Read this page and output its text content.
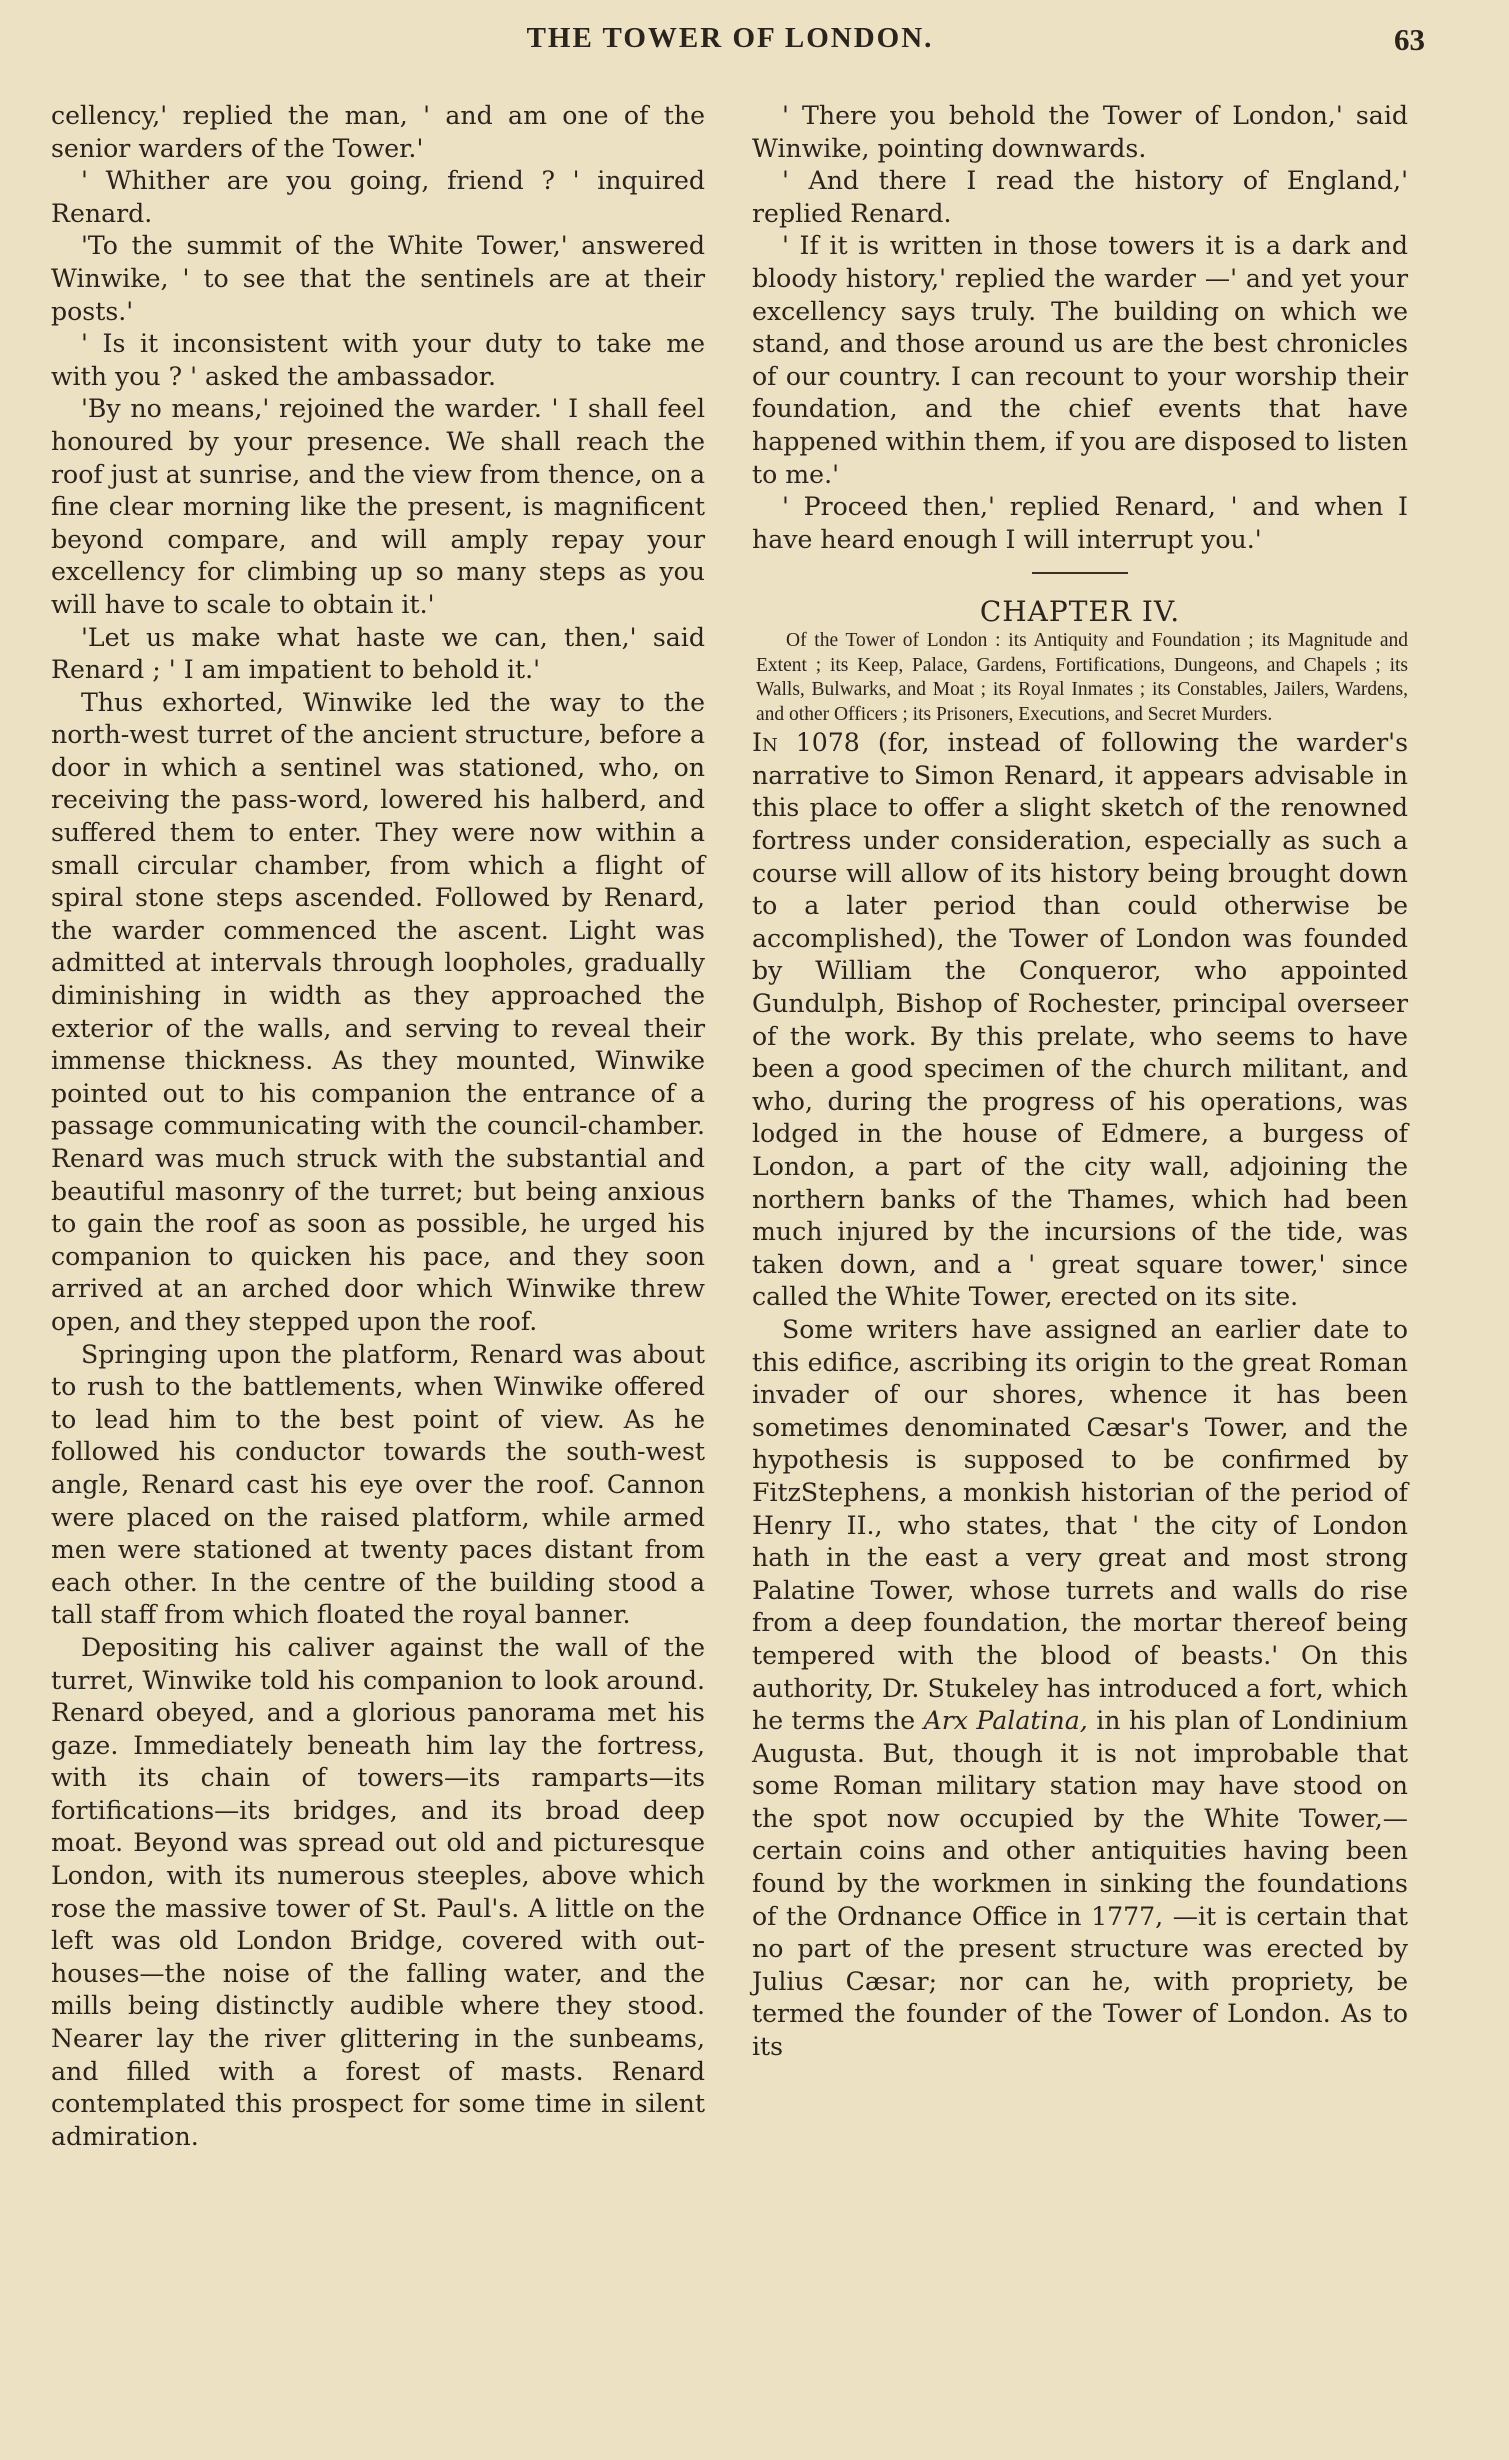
THE TOWER OF LONDON.	63

cellency,' replied the man, ' and am one of the senior warders of the Tower.'

' Whither are you going, friend ? ' inquired Renard.

'To the summit of the White Tower,' answered Winwike, ' to see that the sentinels are at their posts.'

' Is it inconsistent with your duty to take me with you ? ' asked the ambassador.

'By no means,' rejoined the warder. ' I shall feel honoured by your presence. We shall reach the roof just at sunrise, and the view from thence, on a fine clear morning like the present, is magnificent beyond compare, and will amply repay your excellency for climbing up so many steps as you will have to scale to obtain it.'

'Let us make what haste we can, then,' said Renard ; ' I am impatient to behold it.'

Thus exhorted, Winwike led the way to the north-west turret of the ancient structure, before a door in which a sentinel was stationed, who, on receiving the pass-word, lowered his halberd, and suffered them to enter. They were now within a small circular chamber, from which a flight of spiral stone steps ascended. Followed by Renard, the warder commenced the ascent. Light was admitted at intervals through loopholes, gradually diminishing in width as they approached the exterior of the walls, and serving to reveal their immense thickness. As they mounted, Winwike pointed out to his companion the entrance of a passage communicating with the council-chamber. Renard was much struck with the substantial and beautiful masonry of the turret; but being anxious to gain the roof as soon as possible, he urged his companion to quicken his pace, and they soon arrived at an arched door which Winwike threw open, and they stepped upon the roof.

Springing upon the platform, Renard was about to rush to the battlements, when Winwike offered to lead him to the best point of view. As he followed his conductor towards the south-west angle, Renard cast his eye over the roof. Cannon were placed on the raised platform, while armed men were stationed at twenty paces distant from each other. In the centre of the building stood a tall staff from which floated the royal banner.

Depositing his caliver against the wall of the turret, Winwike told his companion to look around. Renard obeyed, and a glorious panorama met his gaze. Immediately beneath him lay the fortress, with its chain of towers—its ramparts—its fortifications—its bridges, and its broad deep moat. Beyond was spread out old and picturesque London, with its numerous steeples, above which rose the massive tower of St. Paul's. A little on the left was old London Bridge, covered with out-houses—the noise of the falling water, and the mills being distinctly audible where they stood. Nearer lay the river glittering in the sunbeams, and filled with a forest of masts. Renard contemplated this prospect for some time in silent admiration.

' There you behold the Tower of London,' said Winwike, pointing downwards.

' And there I read the history of England,' replied Renard.

' If it is written in those towers it is a dark and bloody history,' replied the warder —' and yet your excellency says truly. The building on which we stand, and those around us are the best chronicles of our country. I can recount to your worship their foundation, and the chief events that have happened within them, if you are disposed to listen to me.'

' Proceed then,' replied Renard, ' and when I have heard enough I will interrupt you.'

CHAPTER IV.

Of the Tower of London : its Antiquity and Foundation ; its Magnitude and Extent ; its Keep, Palace, Gardens, Fortifications, Dungeons, and Chapels ; its Walls, Bulwarks, and Moat ; its Royal Inmates ; its Constables, Jailers, Wardens, and other Officers ; its Prisoners, Executions, and Secret Murders.

In 1078 (for, instead of following the warder's narrative to Simon Renard, it appears advisable in this place to offer a slight sketch of the renowned fortress under consideration, especially as such a course will allow of its history being brought down to a later period than could otherwise be accomplished), the Tower of London was founded by William the Conqueror, who appointed Gundulph, Bishop of Rochester, principal overseer of the work. By this prelate, who seems to have been a good specimen of the church militant, and who, during the progress of his operations, was lodged in the house of Edmere, a burgess of London, a part of the city wall, adjoining the northern banks of the Thames, which had been much injured by the incursions of the tide, was taken down, and a ' great square tower,' since called the White Tower, erected on its site.

Some writers have assigned an earlier date to this edifice, ascribing its origin to the great Roman invader of our shores, whence it has been sometimes denominated Cæsar's Tower, and the hypothesis is supposed to be confirmed by FitzStephens, a monkish historian of the period of Henry II., who states, that ' the city of London hath in the east a very great and most strong Palatine Tower, whose turrets and walls do rise from a deep foundation, the mortar thereof being tempered with the blood of beasts.' On this authority, Dr. Stukeley has introduced a fort, which he terms the Arx Palatina, in his plan of Londinium Augusta. But, though it is not improbable that some Roman military station may have stood on the spot now occupied by the White Tower,—certain coins and other antiquities having been found by the workmen in sinking the foundations of the Ordnance Office in 1777, —it is certain that no part of the present structure was erected by Julius Cæsar; nor can he, with propriety, be termed the founder of the Tower of London. As to its
